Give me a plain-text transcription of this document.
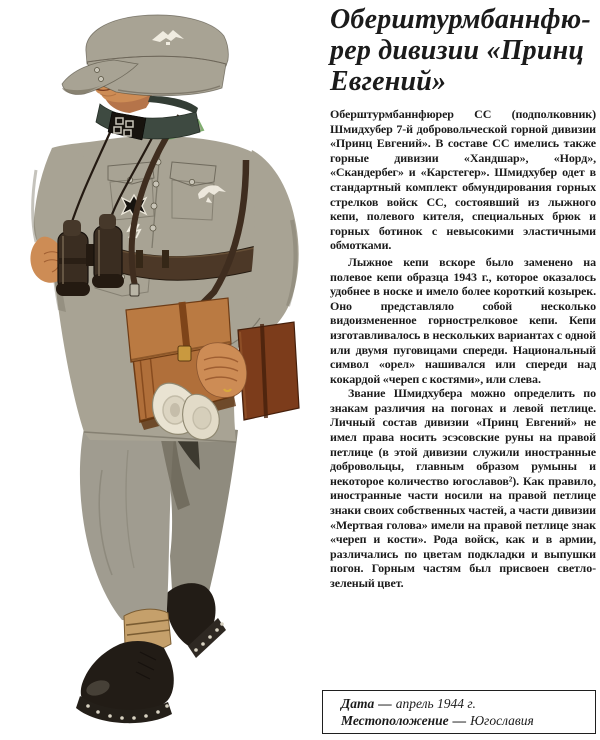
Оберштурмбаннфю-
рер дивизии «Принц
Евгений»

Оберштурмбаннфюрер СС (подполковник) Шмидхубер 7-й добровольческой горной дивизии «Принц Евгений». В составе СС имелись также горные дивизии «Хандшар», «Норд», «Скандербег» и «Карстегер». Шмидхубер одет в стандартный комплект обмундирования горных стрелков войск СС, состоявший из лыжного кепи, полевого кителя, специальных брюк и горных ботинок с невысокими эластичными обмотками.

Лыжное кепи вскоре было заменено на полевое кепи образца 1943 г., которое оказалось удобнее в носке и имело более короткий козырек. Оно представляло собой несколько видоизмененное горнострелковое кепи. Кепи изготавливалось в нескольких вариантах с одной или двумя пуговицами спереди. Национальный символ «орел» нашивался или спереди над кокардой «череп с костями», или слева.

Звание Шмидхубера можно определить по знакам различия на погонах и левой петлице. Личный состав дивизии «Принц Евгений» не имел права носить эсэсовские руны на правой петлице (в этой дивизии служили иностранные добровольцы, главным образом румыны и некоторое количество югославов²). Как правило, иностранные части носили на правой петлице знаки своих собственных частей, а части дивизии «Мертвая голова» имели на правой петлице знак «череп и кости». Рода войск, как и в армии, различались по цветам подкладки и выпушки погон. Горным частям был присвоен светло-зеленый цвет.

Дата — апрель 1944 г.
Местоположение — Югославия
